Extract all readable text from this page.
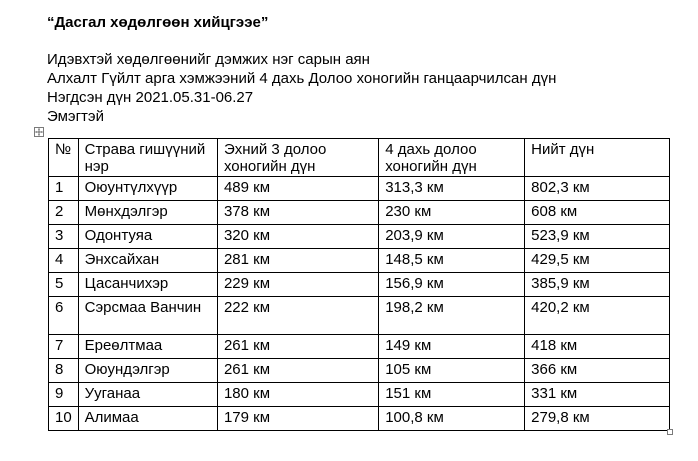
“Дасгал хөдөлгөөн хийцгээе”
Идэвхтэй хөдөлгөөнийг дэмжих нэг сарын аян
Алхалт Гүйлт арга хэмжээний 4 дахь Долоо хоногийн ганцаарчилсан дүн
Нэгдсэн дүн 2021.05.31-06.27
Эмэгтэй
№	Страва гишүүний нэр	Эхний 3 долоо хоногийн дүн	4 дахь долоо хоногийн дүн	Нийт дүн
1	Оюунтүлхүүр	489 км	313,3 км	802,3 км
2	Мөнхдэлгэр	378 км	230 км	608 км
3	Одонтуяа	320 км	203,9 км	523,9 км
4	Энхсайхан	281 км	148,5 км	429,5 км
5	Цасанчихэр	229 км	156,9 км	385,9 км
6	Сэрсмаа Ванчин	222 км	198,2 км	420,2 км
7	Ереөлтмаа	261 км	149 км	418 км
8	Оюундэлгэр	261 км	105 км	366 км
9	Ууганаа	180 км	151 км	331 км
10	Алимаа	179 км	100,8 км	279,8 км
